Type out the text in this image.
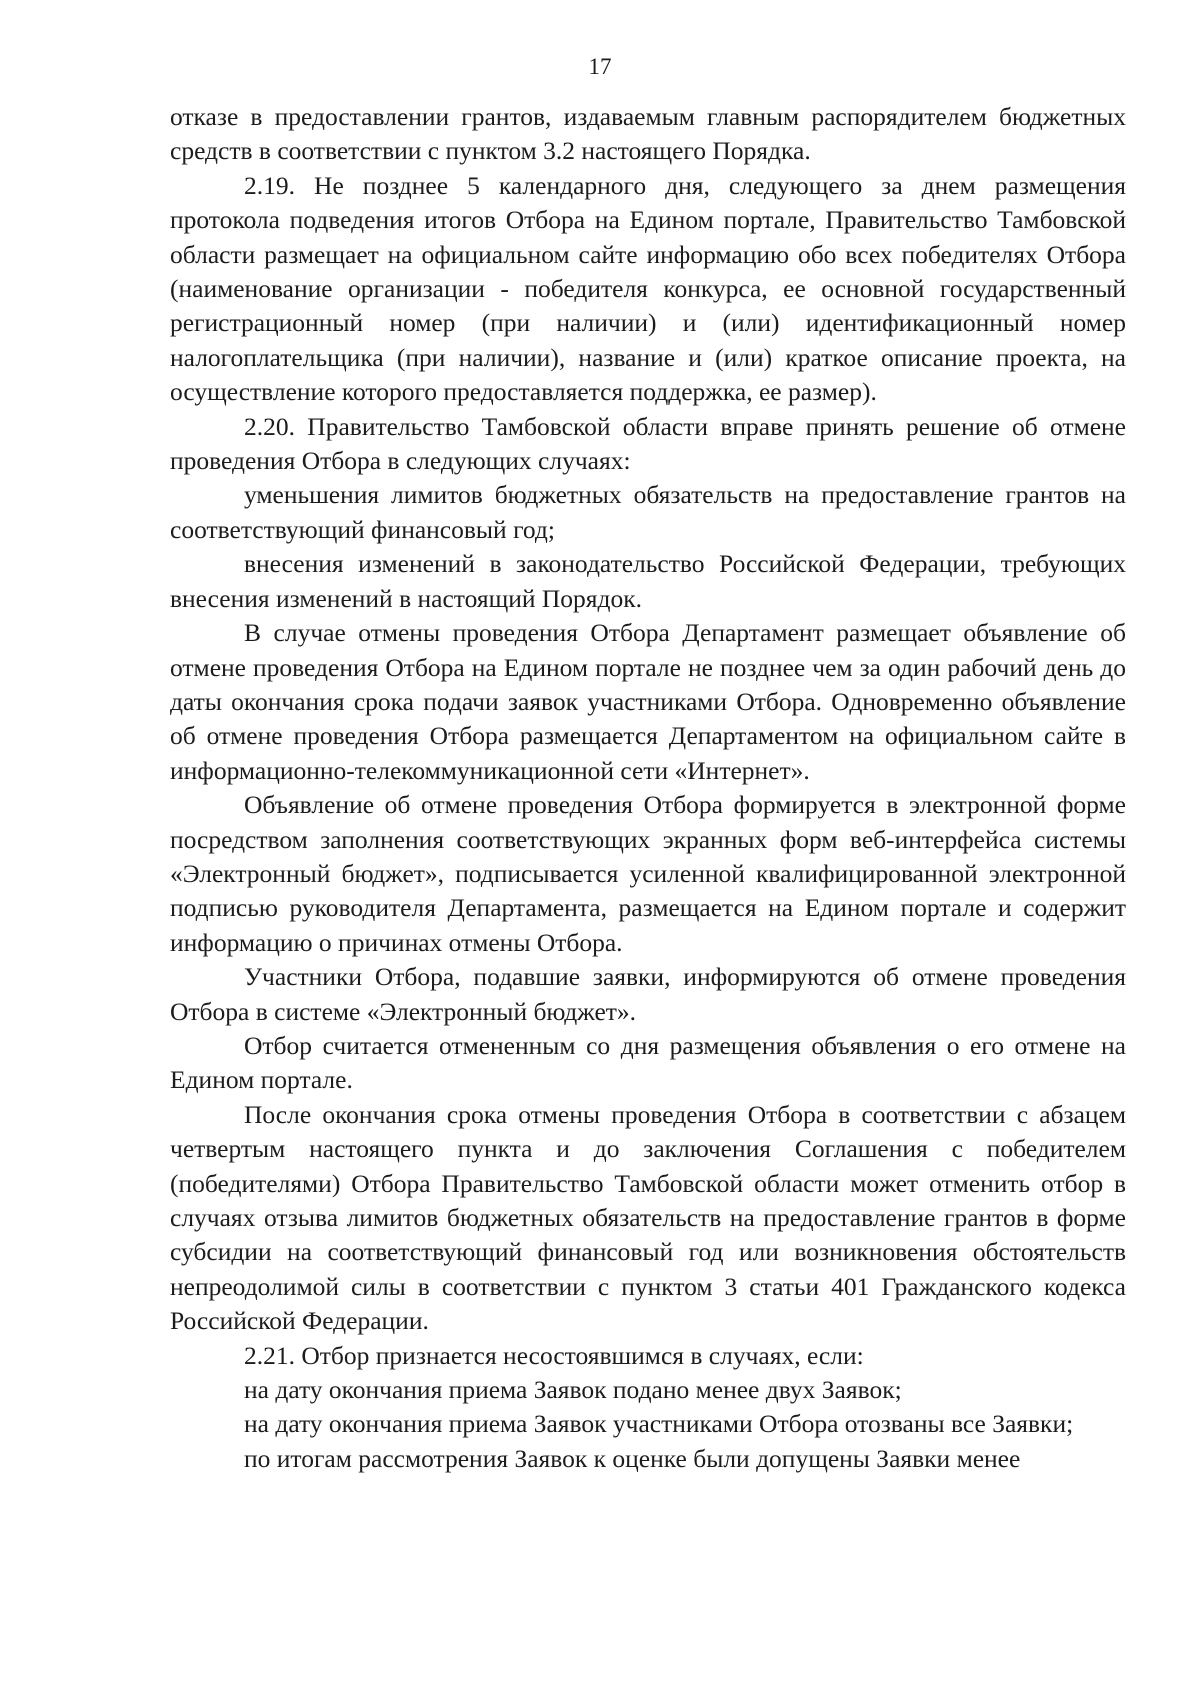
17

отказе в предоставлении грантов, издаваемым главным распорядителем бюджетных средств в соответствии с пунктом 3.2 настоящего Порядка.

2.19. Не позднее 5 календарного дня, следующего за днем размещения протокола подведения итогов Отбора на Едином портале, Правительство Тамбовской области размещает на официальном сайте информацию обо всех победителях Отбора (наименование организации - победителя конкурса, ее основной государственный регистрационный номер (при наличии) и (или) идентификационный номер налогоплательщика (при наличии), название и (или) краткое описание проекта, на осуществление которого предоставляется поддержка, ее размер).

2.20. Правительство Тамбовской области вправе принять решение об отмене проведения Отбора в следующих случаях:

уменьшения лимитов бюджетных обязательств на предоставление грантов на соответствующий финансовый год;

внесения изменений в законодательство Российской Федерации, требующих внесения изменений в настоящий Порядок.

В случае отмены проведения Отбора Департамент размещает объявление об отмене проведения Отбора на Едином портале не позднее чем за один рабочий день до даты окончания срока подачи заявок участниками Отбора. Одновременно объявление об отмене проведения Отбора размещается Департаментом на официальном сайте в информационно-телекоммуникационной сети «Интернет».

Объявление об отмене проведения Отбора формируется в электронной форме посредством заполнения соответствующих экранных форм веб-интерфейса системы «Электронный бюджет», подписывается усиленной квалифицированной электронной подписью руководителя Департамента, размещается на Едином портале и содержит информацию о причинах отмены Отбора.

Участники Отбора, подавшие заявки, информируются об отмене проведения Отбора в системе «Электронный бюджет».

Отбор считается отмененным со дня размещения объявления о его отмене на Едином портале.

После окончания срока отмены проведения Отбора в соответствии с абзацем четвертым настоящего пункта и до заключения Соглашения с победителем (победителями) Отбора Правительство Тамбовской области может отменить отбор в случаях отзыва лимитов бюджетных обязательств на предоставление грантов в форме субсидии на соответствующий финансовый год или возникновения обстоятельств непреодолимой силы в соответствии с пунктом 3 статьи 401 Гражданского кодекса Российской Федерации.

2.21. Отбор признается несостоявшимся в случаях, если:

на дату окончания приема Заявок подано менее двух Заявок;

на дату окончания приема Заявок участниками Отбора отозваны все Заявки;

по итогам рассмотрения Заявок к оценке были допущены Заявки менее
